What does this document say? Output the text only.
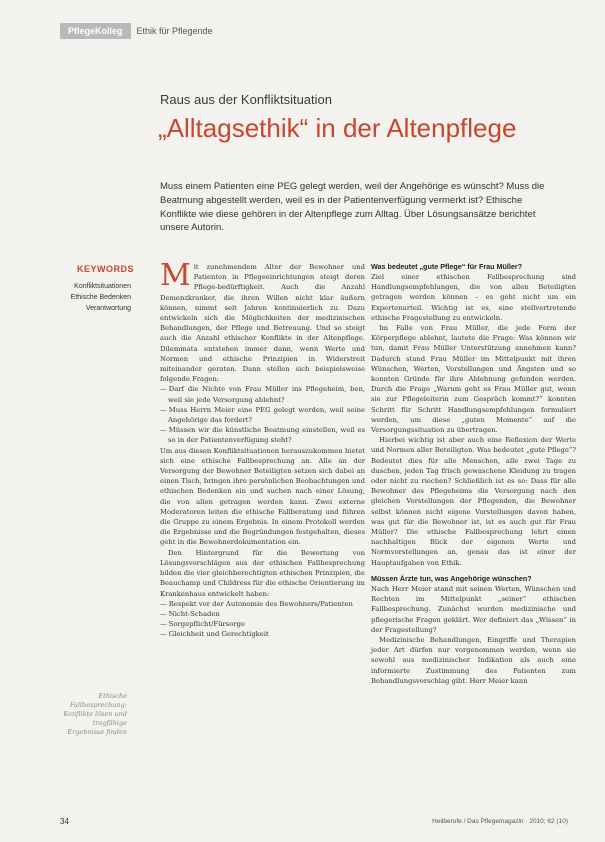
PflegeKolleg	Ethik für Pflegende
Raus aus der Konfliktsituation
„Alltagsethik“ in der Altenpflege
Muss einem Patienten eine PEG gelegt werden, weil der Angehörige es wünscht? Muss die Beatmung abgestellt werden, weil es in der Patientenverfügung vermerkt ist? Ethische Konflikte wie diese gehören in der Altenpflege zum Alltag. Über Lösungsansätze berichtet unsere Autorin.
KEYWORDS
Konfliktsituationen
Ethische Bedenken
Verantwortung
Ethische Fallbesprechung: Konflikte lösen und tragfähige Ergebnisse finden

Mit zunehmendem Alter der Bewohner und Patienten in Pflegeeinrichtungen steigt deren Pflege-bedürftigkeit. Auch die Anzahl Demenzkranker, die ihren Willen nicht klar äußern können, nimmt seit Jahren kontinuierlich zu. Dazu entwickeln sich die Möglichkeiten der medizinischen Behandlungen, der Pflege und Betreuung. Und so steigt auch die Anzahl ethischer Konflikte in der Altenpflege. Dilemmata entstehen immer dann, wenn Werte und Normen und ethische Prinzipien in Widerstreit miteinander geraten. Dann stellen sich beispielsweise folgende Fragen:

— Darf die Nichte von Frau Müller ins Pflegeheim, ben, weil sie jede Versorgung ablehnt?
— Muss Herrn Meier eine PEG gelegt werden, weil seine Angehörige das fordert?
— Müssen wir die künstliche Beatmung einstellen, weil es so in der Patientenverfügung steht?

Um aus diesen Konfliktsituationen herauszukommen bietet sich eine ethische Fallbesprechung an. Alle an der Versorgung der Bewohner Beteiligten setzen sich dabei an einen Tisch, bringen ihre persönlichen Beobachtungen und ethischen Bedenken ein und suchen nach einer Lösung, die von allen getragen werden kann. Zwei externe Moderatoren leiten die ethische Fallberatung und führen die Gruppe zu einem Ergebnis. In einem Protokoll werden die Ergebnisse und die Begründungen festgehalten, dieses geht in die Bewohnerdokumentation ein.

Den Hintergrund für die Bewertung von Lösungsvorschlägen aus der ethischen Fallbesprechung bilden die vier gleichberechtigten ethischen Prinzipien, die Beauchamp und Childress für die ethische Orientierung im Krankenhaus entwickelt haben:

— Respekt vor der Autonomie des Bewohners/Patienten
— Nicht-Schaden
— Sorgepflicht/Fürsorge
— Gleichheit und Gerechtigkeit

Was bedeutet „gute Pflege“ für Frau Müller?

Ziel einer ethischen Fallbesprechung sind Handlungsempfehlungen, die von allen Beteiligten getragen werden können – es geht nicht um ein Expertenurteil. Wichtig ist es, eine stellvertretende ethische Fragestellung zu entwickeln.

Im Falle von Frau Müller, die jede Form der Körperpflege ablehnt, lautete die Frage: Was können wir tun, damit Frau Müller Unterstützung annehmen kann? Dadurch stand Frau Müller im Mittelpunkt mit ihren Wünschen, Werten, Vorstellungen und Ängsten und so konnten Gründe für ihre Ablehnung gefunden werden. Durch die Frage „Warum geht es Frau Müller gut, wenn sie zur Pflegeleiterin zum Gespräch kommt?“ konnten Schritt für Schritt Handlungsempfehlungen formuliert werden, um diese „guten Momente“ auf die Versorgungssituation zu übertragen.

Hierbei wichtig ist aber auch eine Reflexion der Werte und Normen aller Beteiligten. Was bedeutet „gute Pflege“? Bedeutet dies für alle Menschen, alle zwei Tage zu duschen, jeden Tag frisch gewaschene Kleidung zu tragen oder nicht zu riechen? Schließlich ist es so: Dass für alle Bewohner des Pflegeheims die Versorgung nach den gleichen Vorstellungen der Pflegenden, die Bewohner selbst können nicht eigene Vorstellungen davon haben, was gut für die Bewohner ist, ist es auch gut für Frau Müller? Die ethische Fallbesprechung lehrt einen nachhaltigen Blick der eigenen Werte und Normvorstellungen an, genau das ist einer der Hauptaufgaben von Ethik.

Müssen Ärzte tun, was Angehörige wünschen?

Nach Herr Meier stand mit seinen Werten, Wünschen und Rechten im Mittelpunkt „seiner“ ethischen Fallbesprechung. Zunächst wurden medizinische und pflegerische Fragen geklärt. Wer definiert das „Wissen“ in der Fragestellung?

Medizinische Behandlungen, Eingriffe und Therapien jeder Art dürfen nur vorgenommen werden, wenn sie sowohl aus medizinischer Indikation als auch eine informierte Zustimmung des Patienten zum Behandlungsvorschlag gibt. Herr Meier kann

34	Heilberufe / Das Pflegemagazin · 2010; 62 (10)
